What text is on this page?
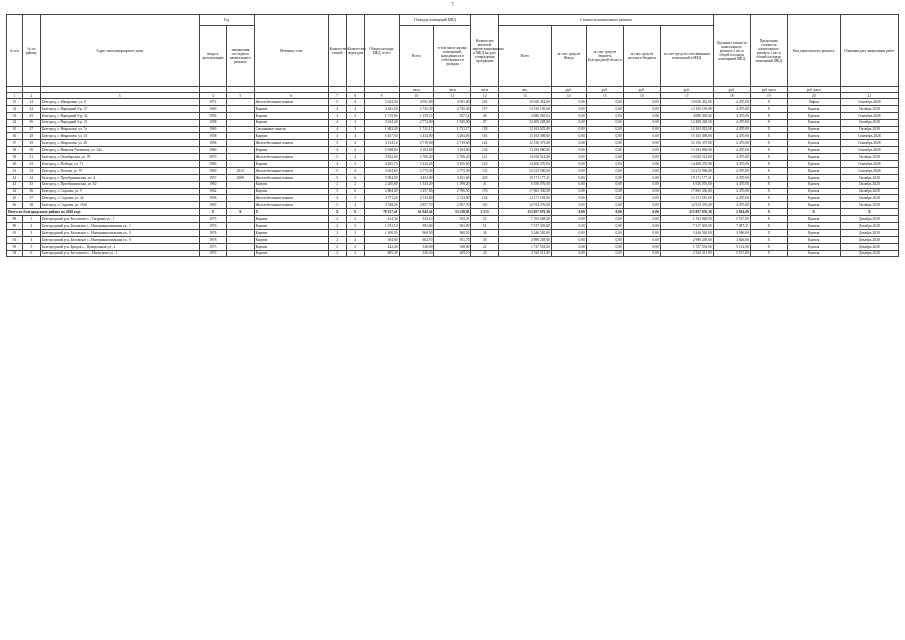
7
№ п/п	№ по району	Адрес многоквартирного дома	Год		Материал стен	Количество этажей	Количество подъездов	Общая площадь МКД, всего	Площадь помещений МКД		Количество жителей, зарегистрированных в МКД на дату утверждения программы	Стоимость капитального ремонта					Удельная стоимость капитального ремонта 1 кв. м общей площади помещений МКД	Предельная стоимость капитального ремонта 1 кв. м общей площади помещений МКД	Вид капитального ремонта	Плановая дата завершения работ
			ввода в эксплуатацию	завершения последнего капитального ремонта					Всего	в том числе жилых помещений, находящихся в собственности граждан		Всего	за счет средств Фонда	за счет средств бюджета Белгородской области	за счет средств местного бюджета	за счет средств собственников помещений в МКД				
									кв.м	кв.м	кв.м	чел.	руб.	руб.	руб.	руб.	руб.	руб./кв.м	руб./кв.м	
1	2	3	4	5	6	7	8	9	10	11	12	13	14	15	16	17	18	19	20	21
31	23	Белгород, г. Макаренко, ул. 9	1972		Железобетонные панели	5	4	5 623,30	4 591,00	4 591,00	233	10 630 452,00	0,00	0,00	0,00	10 630 452,00	4 470,00	Х	Лифты	Сентябрь 2028
32	24	Белгород, г. Народный б-р, 57	1960		Кирпич	4	4	4 625,50	2 745,30	2 745,30	157	13 156 159,00	0,00	0,00	0,00	13 156 159,00	4 470,00	Х	Кровля	Октябрь 2028
33	25	Белгород, г. Народный б-р, 32	1956		Кирпич	3	2	1 715,90	1 159,10	927,14	46	4 086 565,02	0,00	0,00	0,00	4 086 565,02	4 470,00	Х	Кровля	Сентябрь 2028
34	26	Белгород, г. Народный б-р, 31	1958		Кирпич	4	4	3 014,30	2 774,00	1 945,00	87	12 409 228,00	0,00	0,00	0,00	12 409 228,00	4 470,00	Х	Кровля	Октябрь 2028
35	27	Белгород, г. Некрасова, ул. 7а	1960		Смешанные панели	4	2	1 602,30	1 721,17	1 721,17	128	12 163 025,00	0,00	0,00	0,00	12 163 025,00	4 470,00	Х	Кровля	Октябрь 2028
36	28	Белгород, г. Некрасова, ул. 15	1958		Кирпич	4	4	5 457,50	3 434,00	3 204,00	163	15 165 398,00	0,00	0,00	0,00	15 165 398,00	4 470,00	Х	Кровля	Сентябрь 2028
37	29	Белгород, г. Некрасова, ул. 20	1958		Железобетонные панели	5	4	3 314,10	2 719,60	2 719,60	124	12 156 375,00	0,00	0,00	0,00	12 156 375,00	4 470,00	Х	Кровля	Сентябрь 2028
38	30	Белгород, г. Николая Чумичова, ул. 24а	1960		Кирпич	4	4	5 948,00	3 104,00	3 104,00	134	13 184 060,00	0,00	0,00	0,00	13 184 060,00	4 470,00	Х	Кровля	Сентябрь 2028
39	31	Белгород, г. Октябрьская, ул. 78	1970		Железобетонные панели	5	4	3 812,80	2 706,20	2 706,20	121	14 634 514,00	0,00	0,00	0,00	14 634 514,00	4 470,00	Х	Кровля	Октябрь 2028
40	32	Белгород, г. Победы, ул. 71	1960		Кирпич	4	3	4 205,70	3 222,20	3 105,60	122	14 400 270,00	0,00	0,00	0,00	14 400 270,00	4 470,00	Х	Кровля	Сентябрь 2028
41	33	Белгород, г. Попова, ул. 97	1960	2012	Железобетонные панели	5	4	3 654,60	2 773,30	2 773,30	132	12 213 566,00	0,00	0,00	0,00	12 213 566,00	4 470,00	Х	Кровля	Сентябрь 2028
42	34	Белгород, г. Преображенская, ул. 4	1957	2008	Железобетонные панели	5	6	5 904,00	4 452,00	4 451,60	220	19 171 177,21	0,00	0,00	0,00	19 171 177,21	4 470,00	Х	Кровля	Октябрь 2028
43	35	Белгород, г. Преображенская, ул. 62	1960		Кирпич	2	2	2 200,80	1 345,20	1 198,20	41	6 550 076,00	0,00	0,00	0,00	6 550 076,00	4 470,00	Х	Кровля	Октябрь 2028
44	36	Белгород, г. Садовая, ул. 5	1962		Кирпич	3	6	3 884,00	3 257,00	2 706,50	176	17 865 336,00	0,00	0,00	0,00	17 865 336,00	4 470,00	Х	Кровля	Октябрь 2028
45	37	Белгород, г. Садовая, ул. 42	1958		Железобетонные панели	4	3	3 771,20	2 723,90	2 723,90	124	12 171 181,00	0,00	0,00	0,00	12 171 181,00	4 470,00	Х	Кровля	Октябрь 2028
46	38	Белгород, г. Садовая, ул. 116б	1959		Железобетонные панели	5	4	3 548,20	2 857,70	2 857,70	116	12 914 376,00	0,00	0,00	0,00	12 914 376,00	4 470,00	Х	Кровля	Октябрь 2028
Итого по Белгородскому району по 2028 году			Х	Х	Х	Х	Х	78 157,41	61 042,34	53 318,05	2 515	315 857 676,38	0,00	0,00	0,00	315 857 676,38	2 814,00	Х	Х	Х
89	1	Белгородский р-н, Бессоново с., Гагарина ул., 1	1975		Кирпич	2	2	414,30	323,10	182,41	21	1 763 028,00	0,00	0,00	0,00	1 763 028,00	5 537,00	Х	Кровля	Декабрь 2028
90	2	Белгородский р-н, Беловское с., Интернациональная ул., 1	1976		Кирпич	2	3	1 072,10	992,80	563,80	51	7 317 303,00	0,00	0,00	0,00	7 317 303,00	7 987,31	Х	Кровля	Декабрь 2028
91	3	Белгородский р-н, Беловское с., Интернациональная ул., 5	1976		Кирпич	2	2	1 108,50	960,50	960,50	36	3 446 520,00	0,00	0,00	0,00	3 446 520,00	3 586,00	Х	Кровля	Декабрь 2028
92	4	Белгородский р-н, Беловское с., Интернациональная ул., 9	1978		Кирпич	2	2	384,80	602,70	501,70	30	2 980 258,00	0,00	0,00	0,00	2 980 258,00	3 826,00	Х	Кровля	Декабрь 2028
93	5	Белгородский р-н, Бродок с., Центральная ул., 2	1975		Кирпич	2	2	422,40	338,00	338,00	22	1 727 554,00	0,00	0,00	0,00	1 727 554,00	5 112,00	Х	Кровля	Декабрь 2028
94	6	Белгородский р-н, Бессоново с., Магнурова ул., 1	1976		Кирпич	2	2	805,30	536,30	269,10	20	2 543 311,00	0,00	0,00	0,00	2 543 311,00	5 537,00	Х	Кровля	Декабрь 2028
